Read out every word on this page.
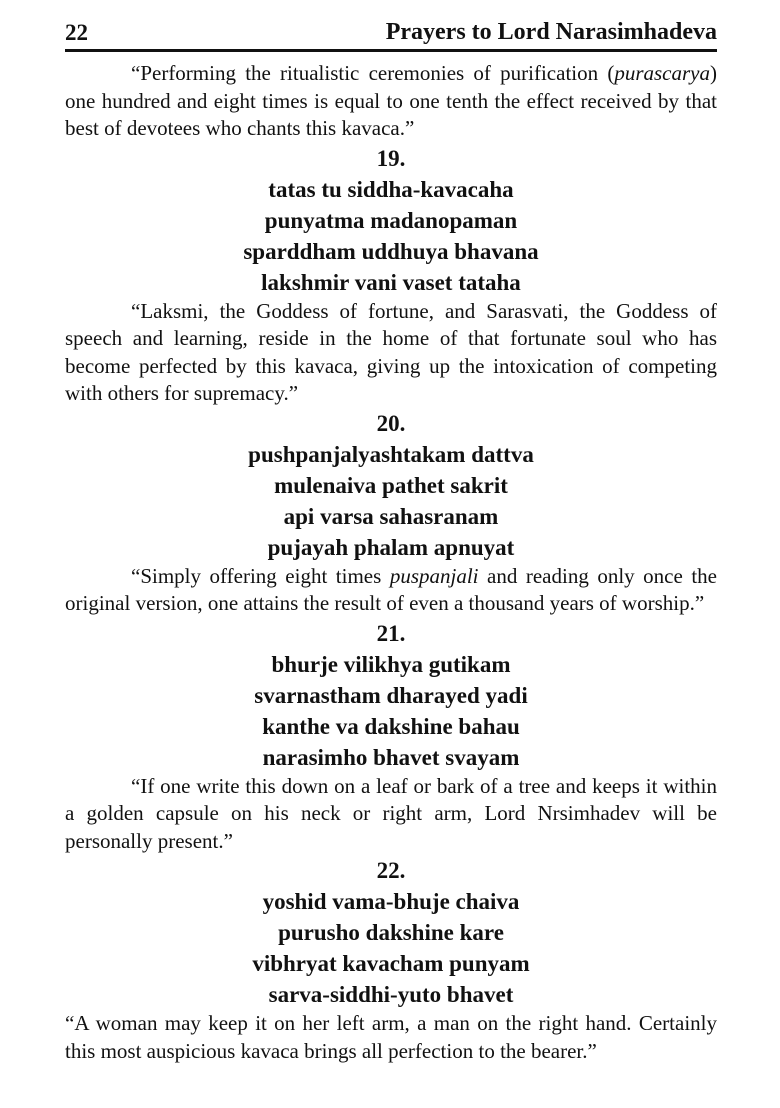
22	Prayers to Lord Narasimhadeva

“Performing the ritualistic ceremonies of purification (purascarya) one hundred and eight times is equal to one tenth the effect received by that best of devotees who chants this kavaca.”

19.
tatas tu siddha-kavacaha
punyatma madanopaman
sparddham uddhuya bhavana
lakshmir vani vaset tataha

“Laksmi, the Goddess of fortune, and Sarasvati, the Goddess of speech and learning, reside in the home of that fortunate soul who has become perfected by this kavaca, giving up the intoxication of competing with others for supremacy.”

20.
pushpanjalyashtakam dattva
mulenaiva pathet sakrit
api varsa sahasranam
pujayah phalam apnuyat

“Simply offering eight times puspanjali and reading only once the original version, one attains the result of even a thousand years of worship.”

21.
bhurje vilikhya gutikam
svarnastham dharayed yadi
kanthe va dakshine bahau
narasimho bhavet svayam

“If one write this down on a leaf or bark of a tree and keeps it within a golden capsule on his neck or right arm, Lord Nrsimhadev will be personally present.”

22.
yoshid vama-bhuje chaiva
purusho dakshine kare
vibhryat kavacham punyam
sarva-siddhi-yuto bhavet

“A woman may keep it on her left arm, a man on the right hand. Certainly this most auspicious kavaca brings all perfection to the bearer.”
